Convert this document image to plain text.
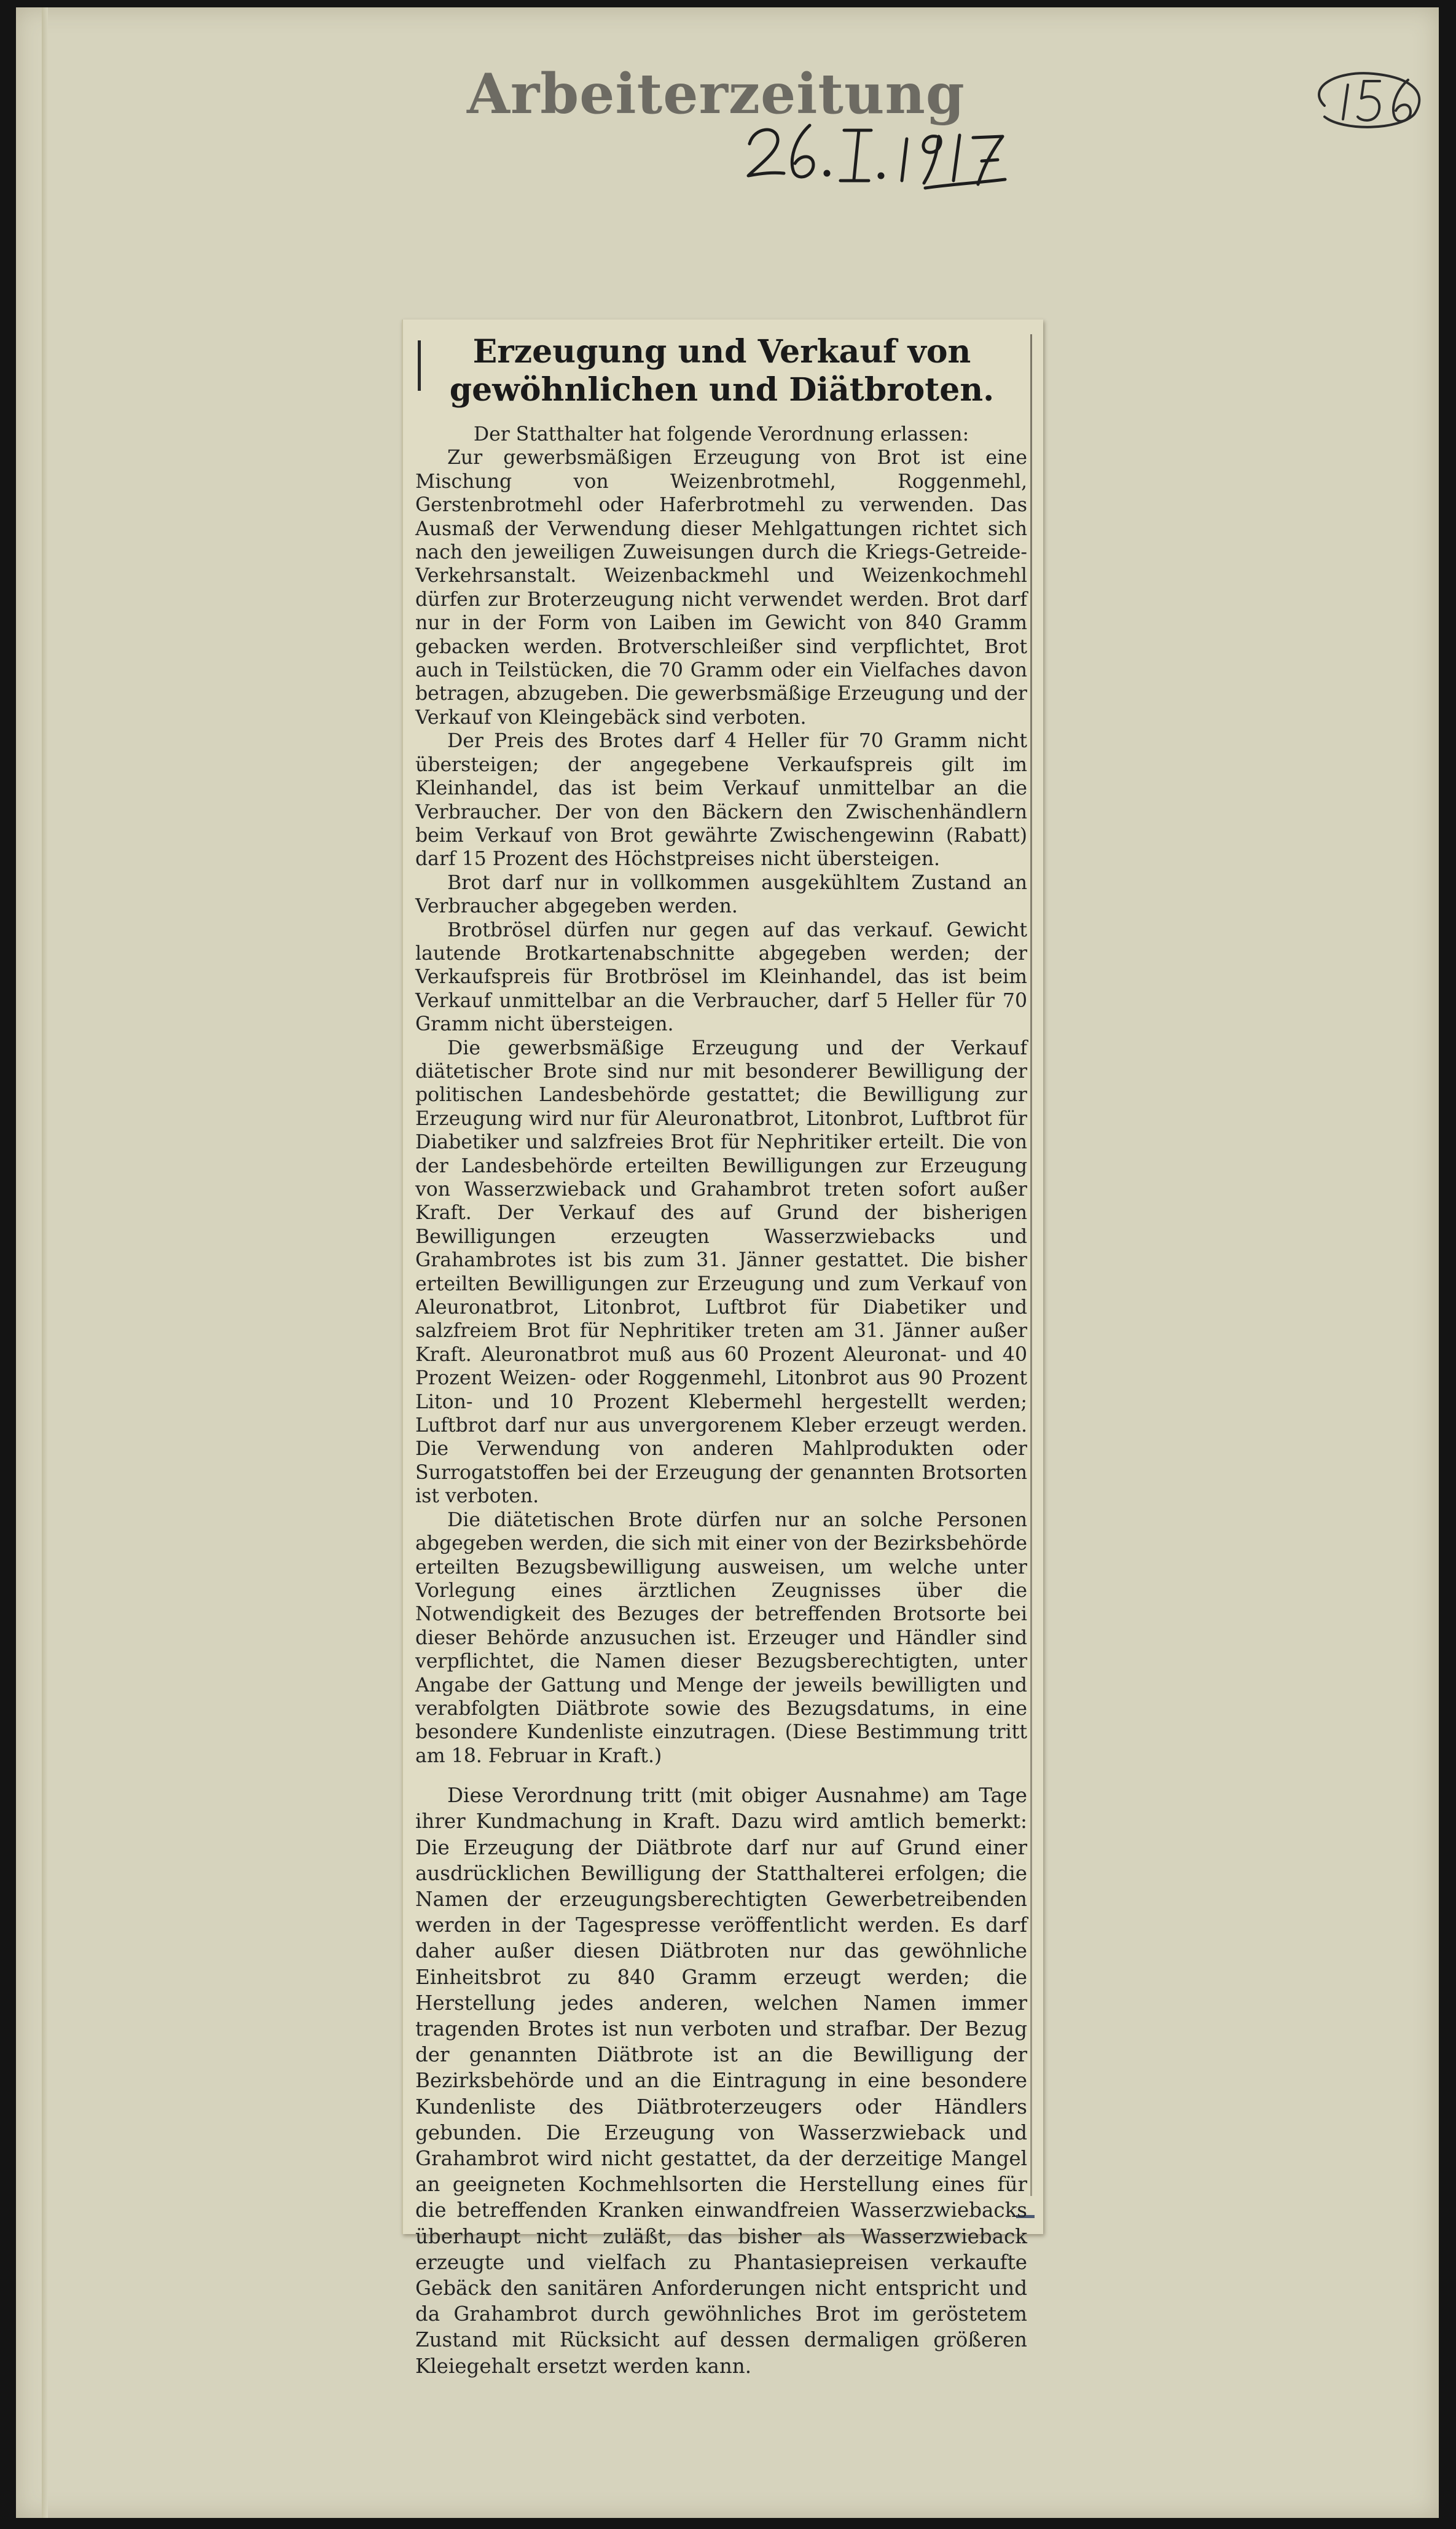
Arbeiterzeitung
Erzeugung und Verkauf von gewöhnlichen und Diätbroten.

Der Statthalter hat folgende Verordnung erlassen:

Zur gewerbsmäßigen Erzeugung von Brot ist eine Mischung von Weizenbrotmehl, Roggenmehl, Gerstenbrotmehl oder Haferbrotmehl zu verwenden. Das Ausmaß der Verwendung dieser Mehlgattungen richtet sich nach den jeweiligen Zuweisungen durch die Kriegs-Getreide-Verkehrsanstalt. Weizenbackmehl und Weizenkochmehl dürfen zur Broterzeugung nicht verwendet werden. Brot darf nur in der Form von Laiben im Gewicht von 840 Gramm gebacken werden. Brotverschleißer sind verpflichtet, Brot auch in Teilstücken, die 70 Gramm oder ein Vielfaches davon betragen, abzugeben. Die gewerbsmäßige Erzeugung und der Verkauf von Kleingebäck sind verboten.

Der Preis des Brotes darf 4 Heller für 70 Gramm nicht übersteigen; der angegebene Verkaufspreis gilt im Kleinhandel, das ist beim Verkauf unmittelbar an die Verbraucher. Der von den Bäckern den Zwischenhändlern beim Verkauf von Brot gewährte Zwischengewinn (Rabatt) darf 15 Prozent des Höchstpreises nicht übersteigen.

Brot darf nur in vollkommen ausgekühltem Zustand an Verbraucher abgegeben werden.

Brotbrösel dürfen nur gegen auf das verkauf. Gewicht lautende Brotkartenabschnitte abgegeben werden; der Verkaufspreis für Brotbrösel im Kleinhandel, das ist beim Verkauf unmittelbar an die Verbraucher, darf 5 Heller für 70 Gramm nicht übersteigen.

Die gewerbsmäßige Erzeugung und der Verkauf diätetischer Brote sind nur mit besonderer Bewilligung der politischen Landesbehörde gestattet; die Bewilligung zur Erzeugung wird nur für Aleuronatbrot, Litonbrot, Luftbrot für Diabetiker und salzfreies Brot für Nephritiker erteilt. Die von der Landesbehörde erteilten Bewilligungen zur Erzeugung von Wasserzwieback und Grahambrot treten sofort außer Kraft. Der Verkauf des auf Grund der bisherigen Bewilligungen erzeugten Wasserzwiebacks und Grahambrotes ist bis zum 31. Jänner gestattet. Die bisher erteilten Bewilligungen zur Erzeugung und zum Verkauf von Aleuronatbrot, Litonbrot, Luftbrot für Diabetiker und salzfreiem Brot für Nephritiker treten am 31. Jänner außer Kraft. Aleuronatbrot muß aus 60 Prozent Aleuronat- und 40 Prozent Weizen- oder Roggenmehl, Litonbrot aus 90 Prozent Liton- und 10 Prozent Klebermehl hergestellt werden; Luftbrot darf nur aus unvergorenem Kleber erzeugt werden. Die Verwendung von anderen Mahlprodukten oder Surrogatstoffen bei der Erzeugung der genannten Brotsorten ist verboten.

Die diätetischen Brote dürfen nur an solche Personen abgegeben werden, die sich mit einer von der Bezirksbehörde erteilten Bezugsbewilligung ausweisen, um welche unter Vorlegung eines ärztlichen Zeugnisses über die Notwendigkeit des Bezuges der betreffenden Brotsorte bei dieser Behörde anzusuchen ist. Erzeuger und Händler sind verpflichtet, die Namen dieser Bezugsberechtigten, unter Angabe der Gattung und Menge der jeweils bewilligten und verabfolgten Diätbrote sowie des Bezugsdatums, in eine besondere Kundenliste einzutragen. (Diese Bestimmung tritt am 18. Februar in Kraft.)

Diese Verordnung tritt (mit obiger Ausnahme) am Tage ihrer Kundmachung in Kraft. Dazu wird amtlich bemerkt: Die Erzeugung der Diätbrote darf nur auf Grund einer ausdrücklichen Bewilligung der Statthalterei erfolgen; die Namen der erzeugungsberechtigten Gewerbetreibenden werden in der Tagespresse veröffentlicht werden. Es darf daher außer diesen Diätbroten nur das gewöhnliche Einheitsbrot zu 840 Gramm erzeugt werden; die Herstellung jedes anderen, welchen Namen immer tragenden Brotes ist nun verboten und strafbar. Der Bezug der genannten Diätbrote ist an die Bewilligung der Bezirksbehörde und an die Eintragung in eine besondere Kundenliste des Diätbroterzeugers oder Händlers gebunden. Die Erzeugung von Wasserzwieback und Grahambrot wird nicht gestattet, da der derzeitige Mangel an geeigneten Kochmehlsorten die Herstellung eines für die betreffenden Kranken einwandfreien Wasserzwiebacks überhaupt nicht zuläßt, das bisher als Wasserzwieback erzeugte und vielfach zu Phantasiepreisen verkaufte Gebäck den sanitären Anforderungen nicht entspricht und da Grahambrot durch gewöhnliches Brot im geröstetem Zustand mit Rücksicht auf dessen dermaligen größeren Kleiegehalt ersetzt werden kann.
